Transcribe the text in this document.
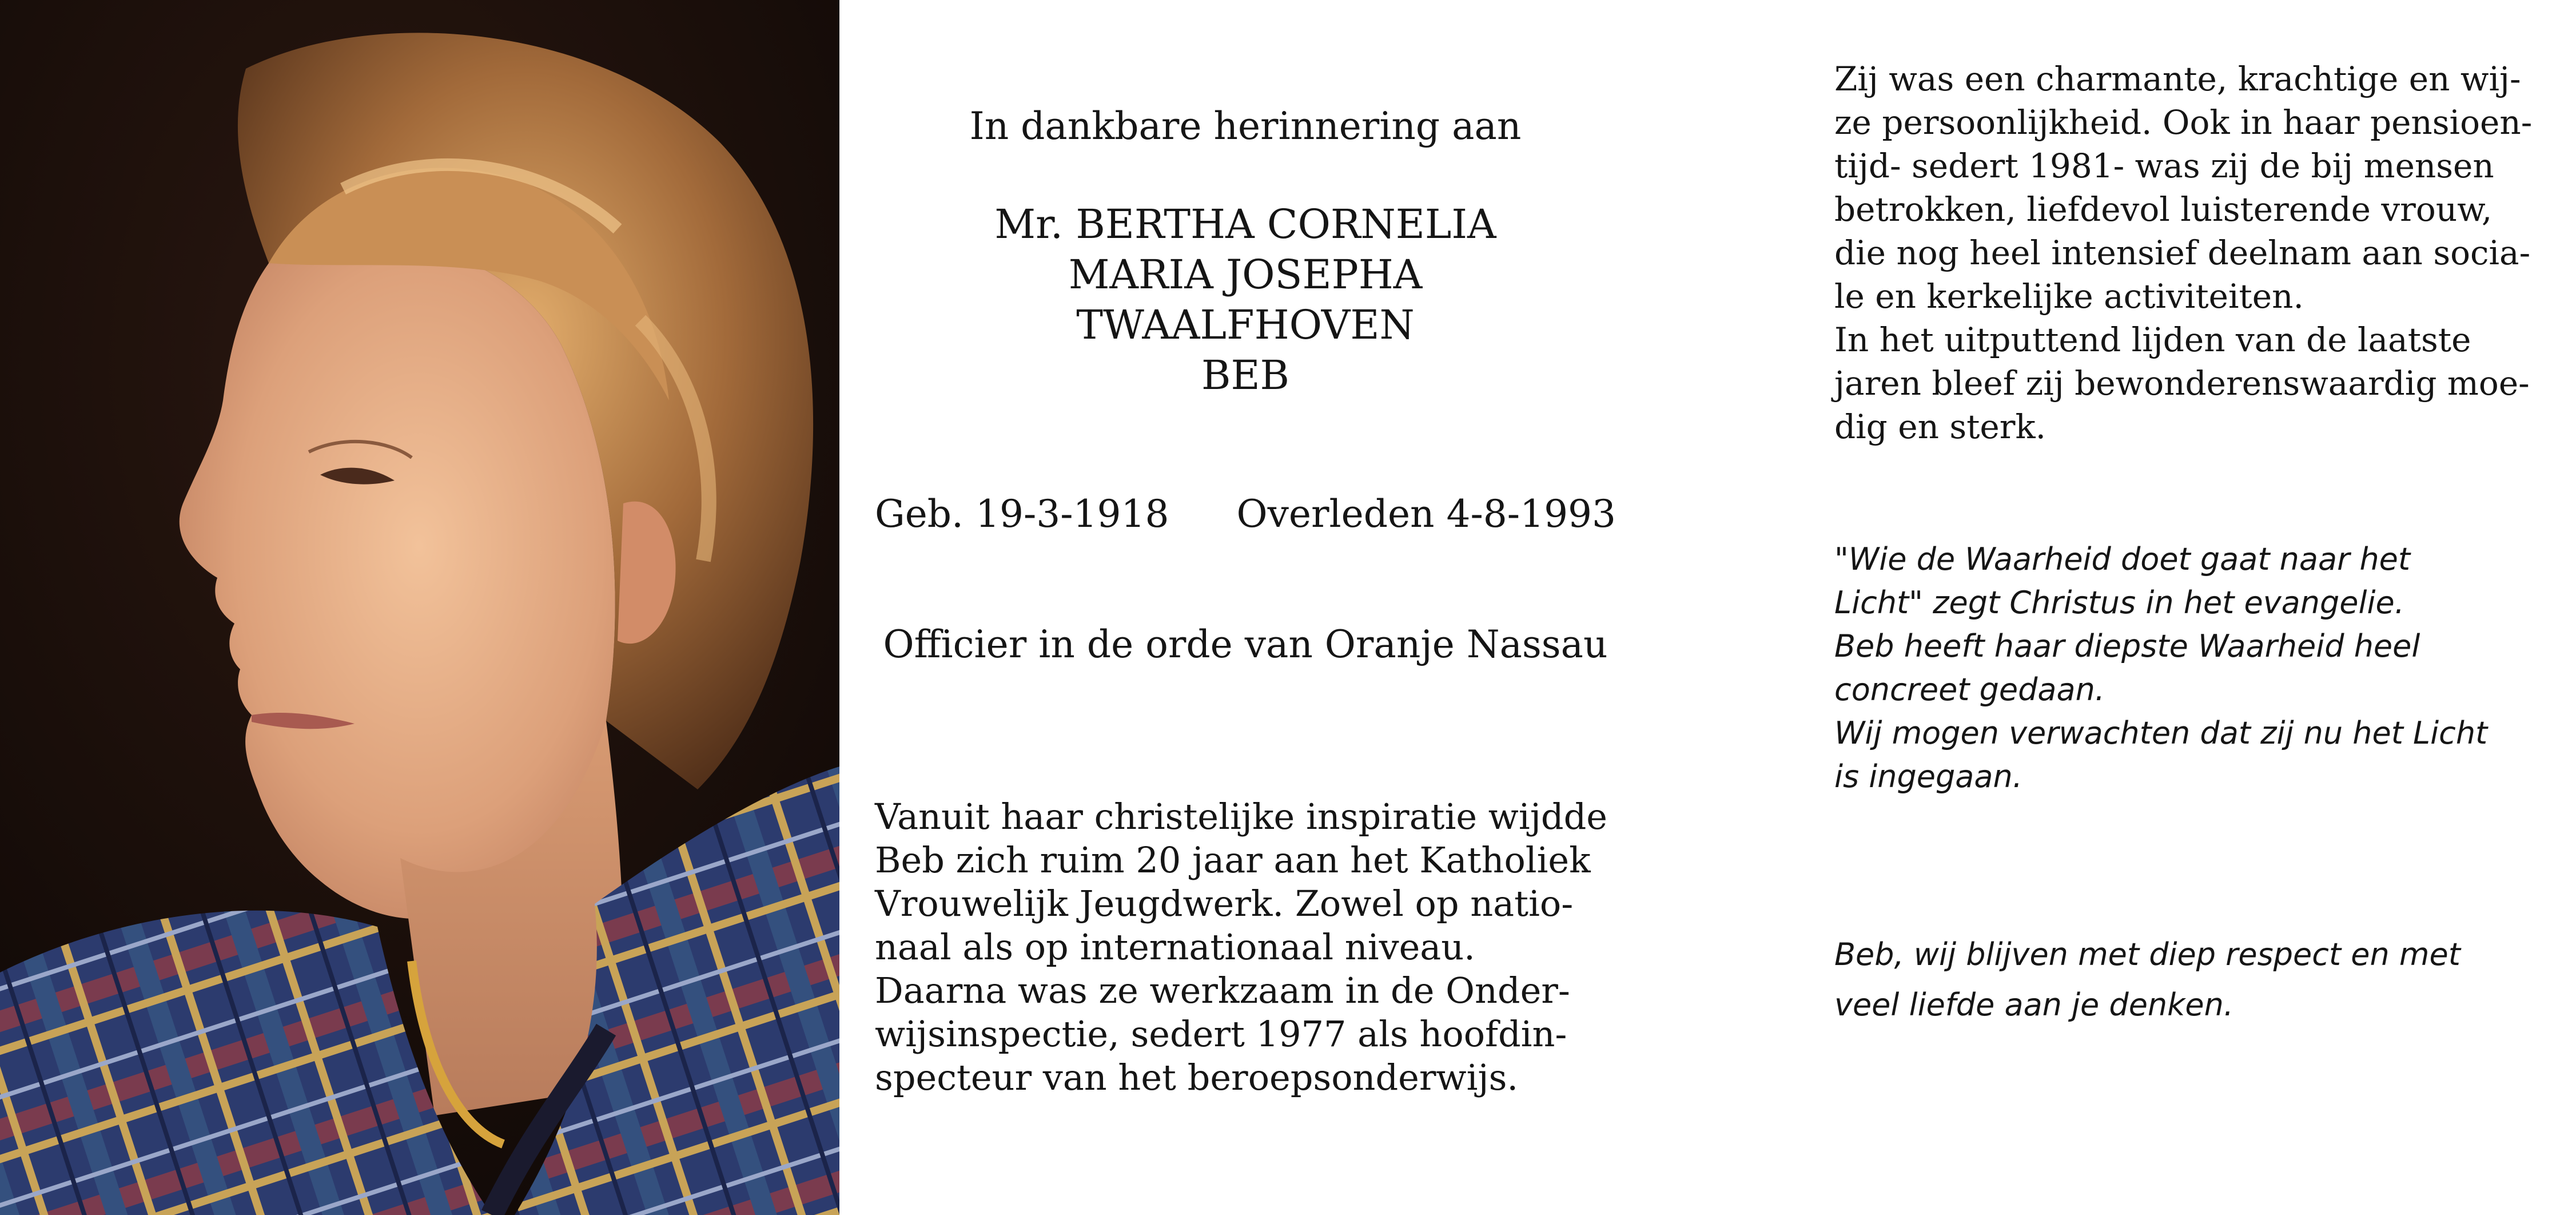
In dankbare herinnering aan
Mr. BERTHA CORNELIA
MARIA JOSEPHA
TWAALFHOVEN
BEB
Geb. 19-3-1918 Overleden 4-8-1993
Officier in de orde van Oranje Nassau
Vanuit haar christelijke inspiratie wijdde
Beb zich ruim 20 jaar aan het Katholiek
Vrouwelijk Jeugdwerk. Zowel op natio-
naal als op internationaal niveau.
Daarna was ze werkzaam in de Onder-
wijsinspectie, sedert 1977 als hoofdin-
specteur van het beroepsonderwijs.
Zij was een charmante, krachtige en wij-
ze persoonlijkheid. Ook in haar pensioen-
tijd- sedert 1981- was zij de bij mensen
betrokken, liefdevol luisterende vrouw,
die nog heel intensief deelnam aan socia-
le en kerkelijke activiteiten.
In het uitputtend lijden van de laatste
jaren bleef zij bewonderenswaardig moe-
dig en sterk.
"Wie de Waarheid doet gaat naar het
Licht" zegt Christus in het evangelie.
Beb heeft haar diepste Waarheid heel
concreet gedaan.
Wij mogen verwachten dat zij nu het Licht
is ingegaan.
Beb, wij blijven met diep respect en met
veel liefde aan je denken.
